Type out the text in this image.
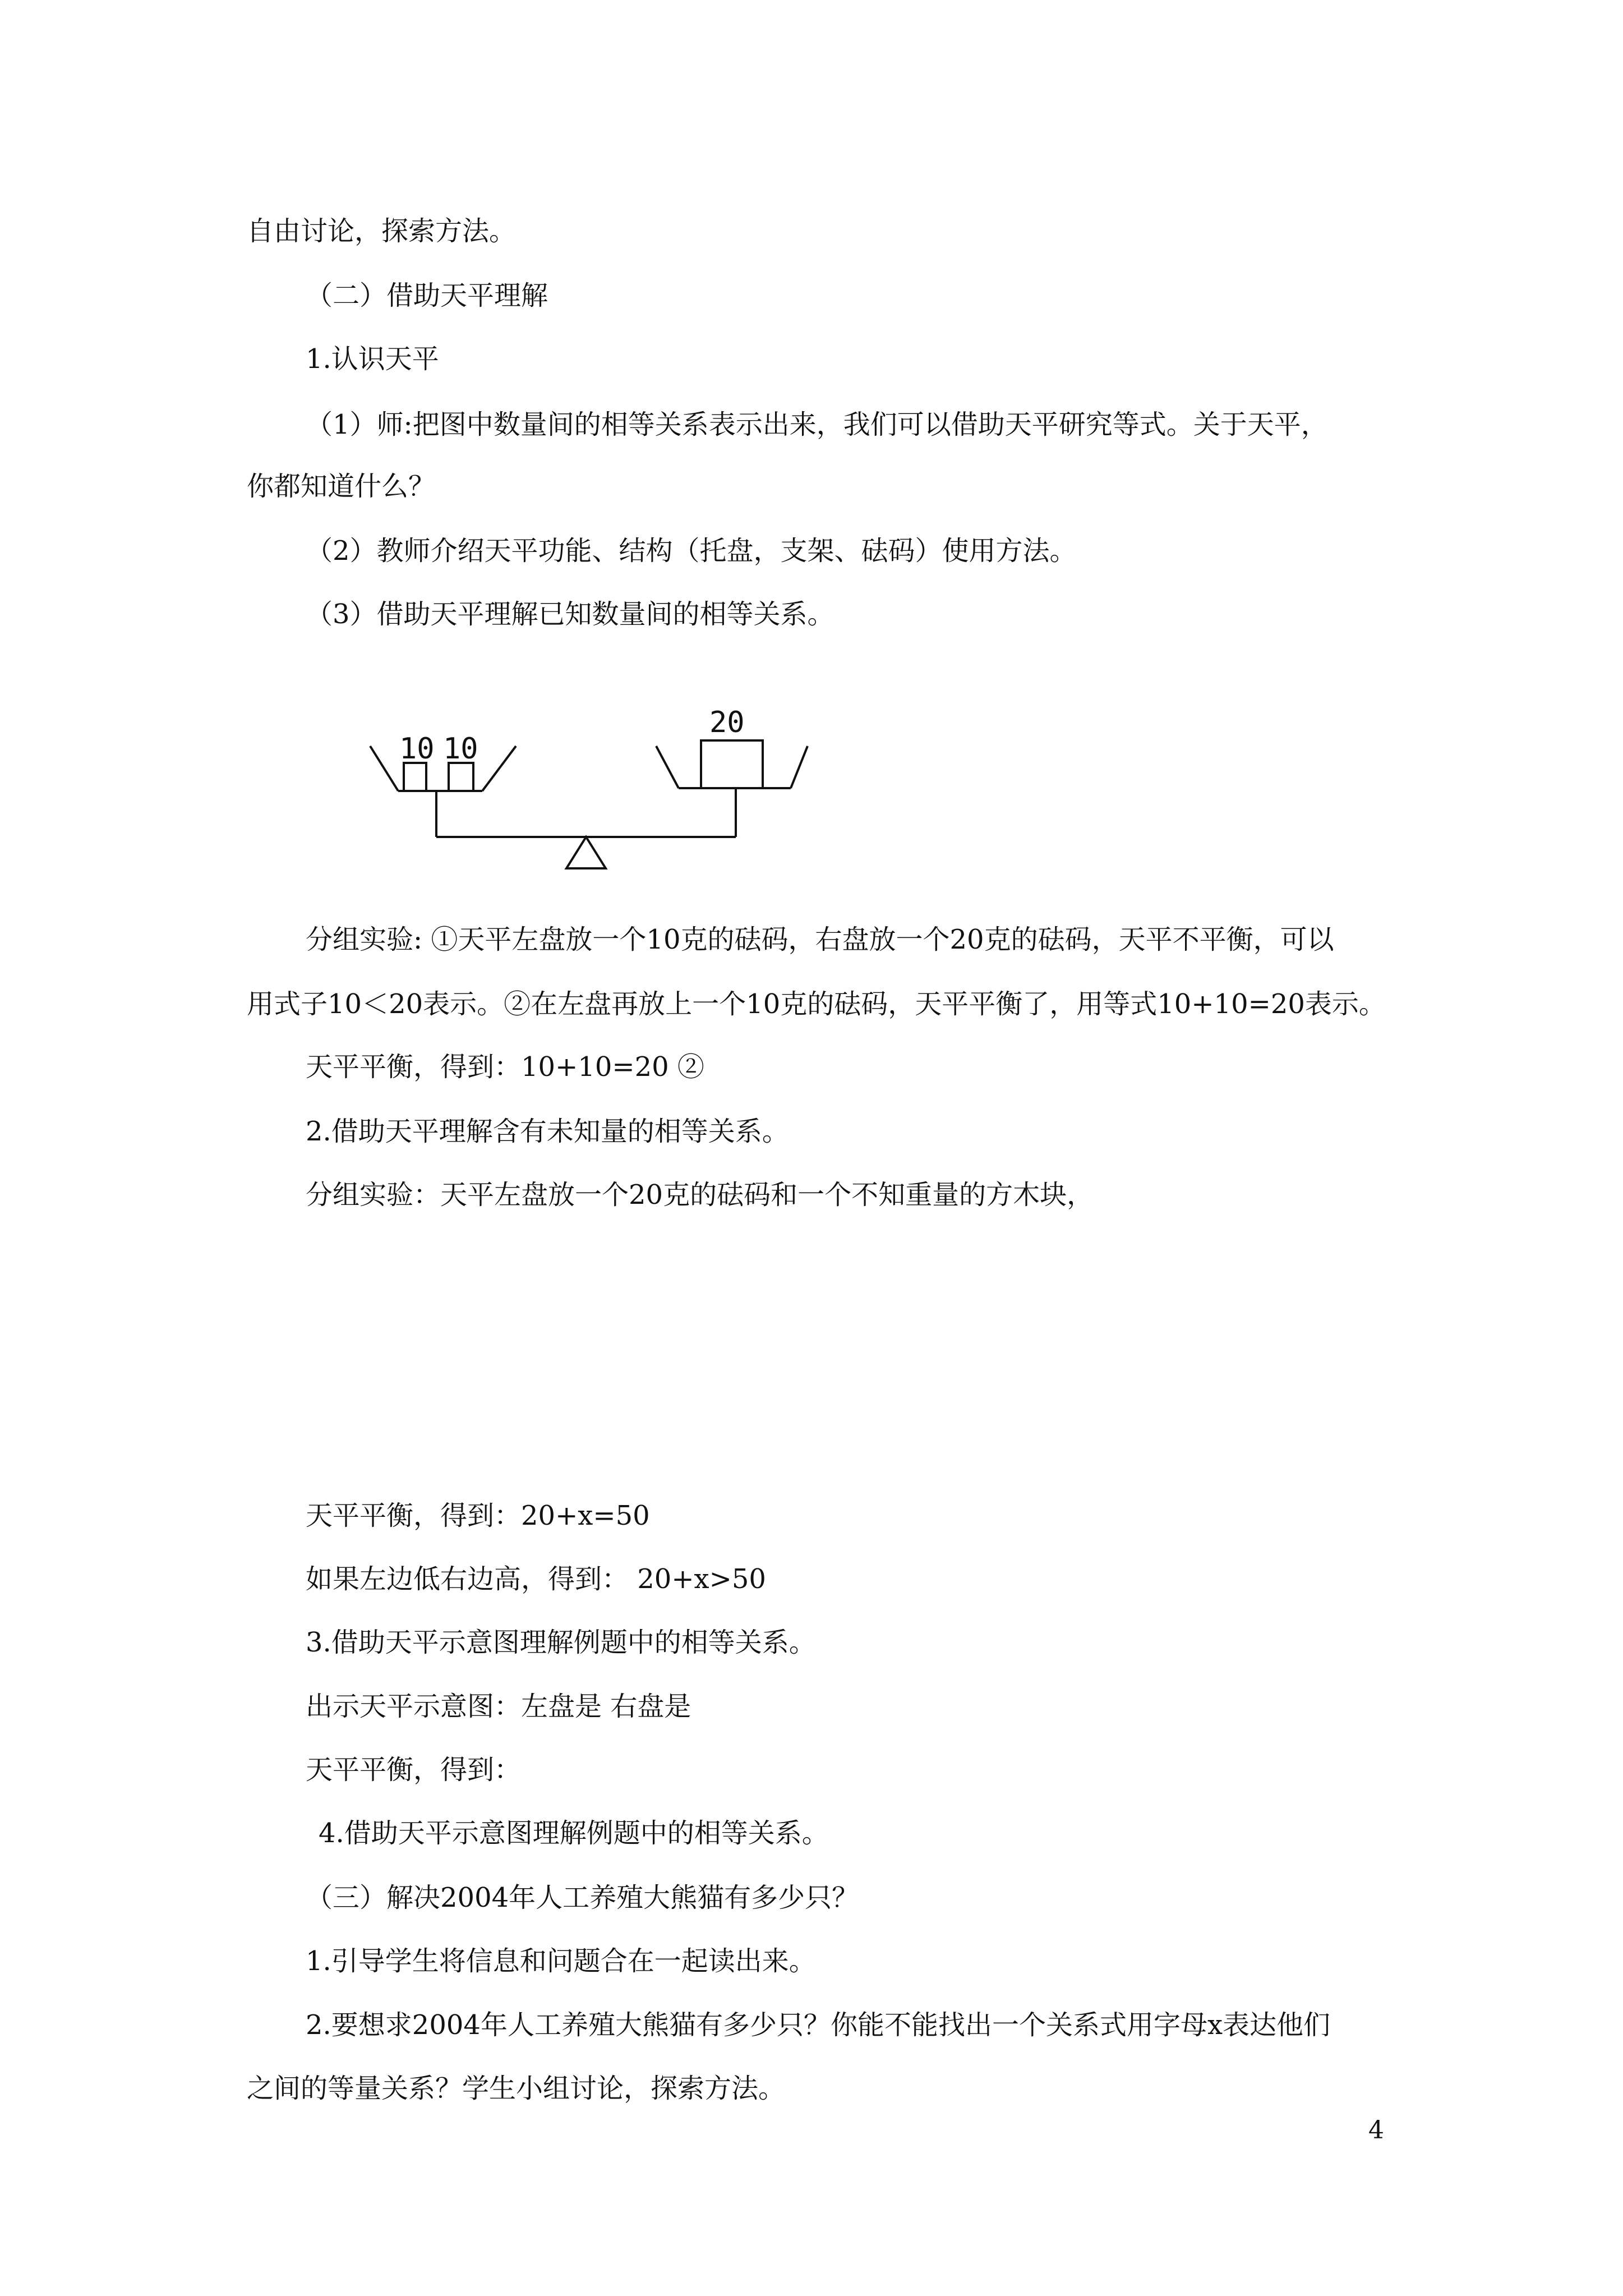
自由讨论，探索方法。

（二）借助天平理解

1.认识天平

（1）师:把图中数量间的相等关系表示出来，我们可以借助天平研究等式。关于天平，

你都知道什么？

（2）教师介绍天平功能、结构（托盘，支架、砝码）使用方法。

（3）借助天平理解已知数量间的相等关系。

10 10
20

分组实验: ①天平左盘放一个10克的砝码，右盘放一个20克的砝码，天平不平衡，可以

用式子10＜20表示。②在左盘再放上一个10克的砝码，天平平衡了，用等式10+10=20表示。

天平平衡，得到：10+10=20 ②

2.借助天平理解含有未知量的相等关系。

分组实验：天平左盘放一个20克的砝码和一个不知重量的方木块，

天平平衡，得到：20+x=50

如果左边低右边高，得到： 20+x>50

3.借助天平示意图理解例题中的相等关系。

出示天平示意图：左盘是 右盘是

天平平衡，得到：

4.借助天平示意图理解例题中的相等关系。

（三）解决2004年人工养殖大熊猫有多少只？

1.引导学生将信息和问题合在一起读出来。

2.要想求2004年人工养殖大熊猫有多少只？你能不能找出一个关系式用字母x表达他们

之间的等量关系？学生小组讨论，探索方法。

4
